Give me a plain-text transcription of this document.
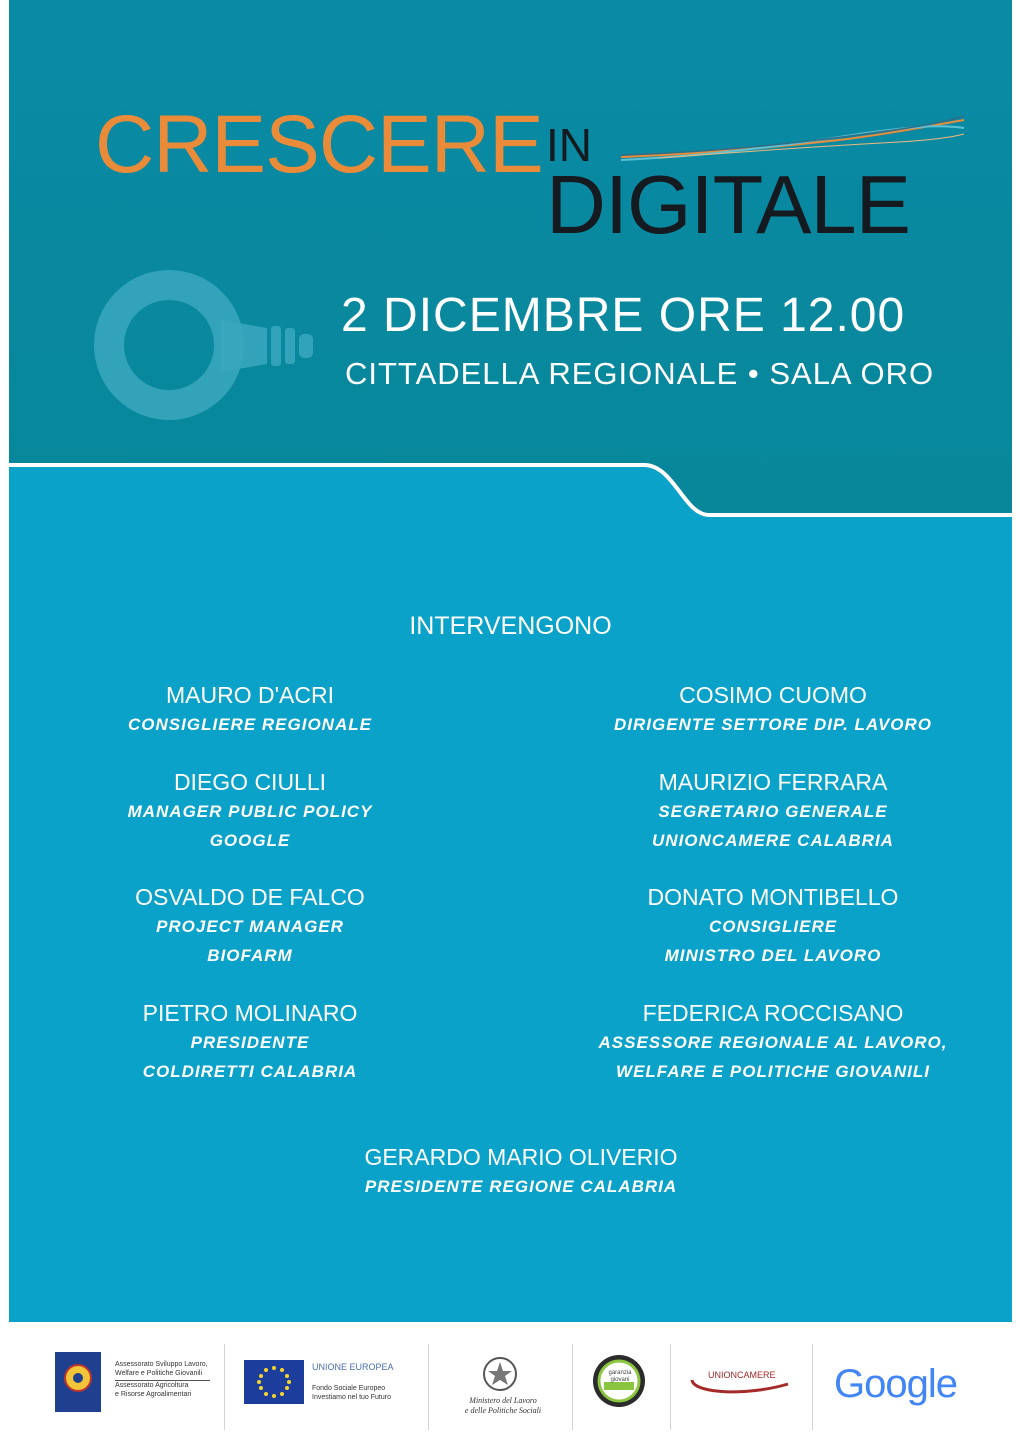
CRESCERE IN
DIGITALE
2 DICEMBRE ORE 12.00
CITTADELLA REGIONALE • SALA ORO
INTERVENGONO
MAURO D'ACRI
CONSIGLIERE REGIONALE
DIEGO CIULLI
MANAGER PUBLIC POLICY
GOOGLE
OSVALDO DE FALCO
PROJECT MANAGER
BIOFARM
PIETRO MOLINARO
PRESIDENTE
COLDIRETTI CALABRIA
COSIMO CUOMO
DIRIGENTE SETTORE DIP. LAVORO
MAURIZIO FERRARA
SEGRETARIO GENERALE
UNIONCAMERE CALABRIA
DONATO MONTIBELLO
CONSIGLIERE
MINISTRO DEL LAVORO
FEDERICA ROCCISANO
ASSESSORE REGIONALE AL LAVORO,
WELFARE E POLITICHE GIOVANILI
GERARDO MARIO OLIVERIO
PRESIDENTE REGIONE CALABRIA
Assessorato Sviluppo Lavoro,
Welfare e Politiche Giovanili
Assessorato Agricoltura
e Risorse Agroalimentari
UNIONE EUROPEA
Fondo Sociale Europeo
Investiamo nel tuo Futuro	Ministero del Lavoro
e delle Politiche Sociali
garanzia giovani	UNIONCAMERE Google
